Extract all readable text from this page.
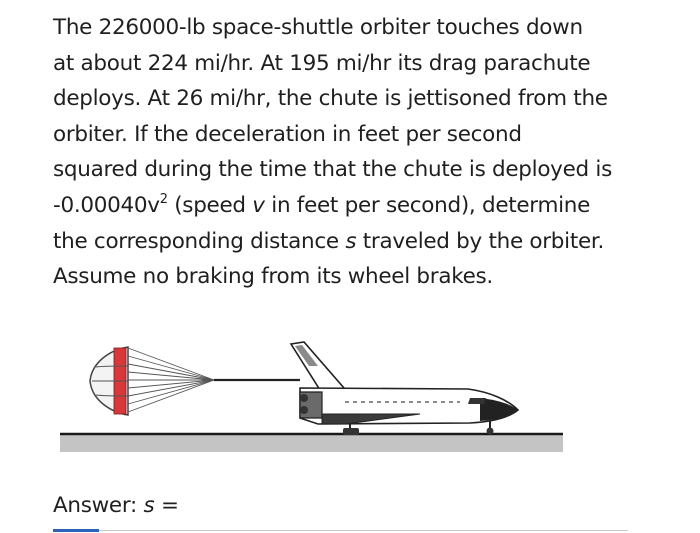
The 226000-lb space-shuttle orbiter touches down
at about 224 mi/hr. At 195 mi/hr its drag parachute
deploys. At 26 mi/hr, the chute is jettisoned from the
orbiter. If the deceleration in feet per second
squared during the time that the chute is deployed is
$-0.00040v^2$ (speed v in feet per second), determine
the corresponding distance s traveled by the orbiter.
Assume no braking from its wheel brakes.
Answer: s =
